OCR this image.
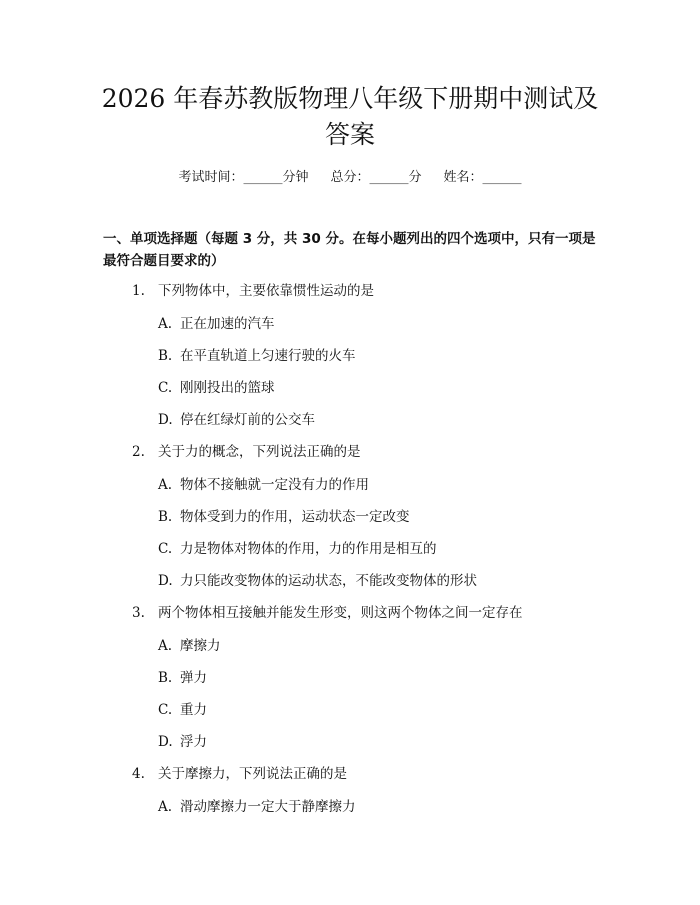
2026 年春苏教版物理八年级下册期中测试及
答案
考试时间：______分钟 总分：______分 姓名：______
一、单项选择题（每题 3 分，共 30 分。在每小题列出的四个选项中，只有一项是最符合题目要求的）
1. 下列物体中，主要依靠惯性运动的是
A. 正在加速的汽车
B. 在平直轨道上匀速行驶的火车
C. 刚刚投出的篮球
D. 停在红绿灯前的公交车
2. 关于力的概念，下列说法正确的是
A. 物体不接触就一定没有力的作用
B. 物体受到力的作用，运动状态一定改变
C. 力是物体对物体的作用，力的作用是相互的
D. 力只能改变物体的运动状态，不能改变物体的形状
3. 两个物体相互接触并能发生形变，则这两个物体之间一定存在
A. 摩擦力
B. 弹力
C. 重力
D. 浮力
4. 关于摩擦力，下列说法正确的是
A. 滑动摩擦力一定大于静摩擦力
